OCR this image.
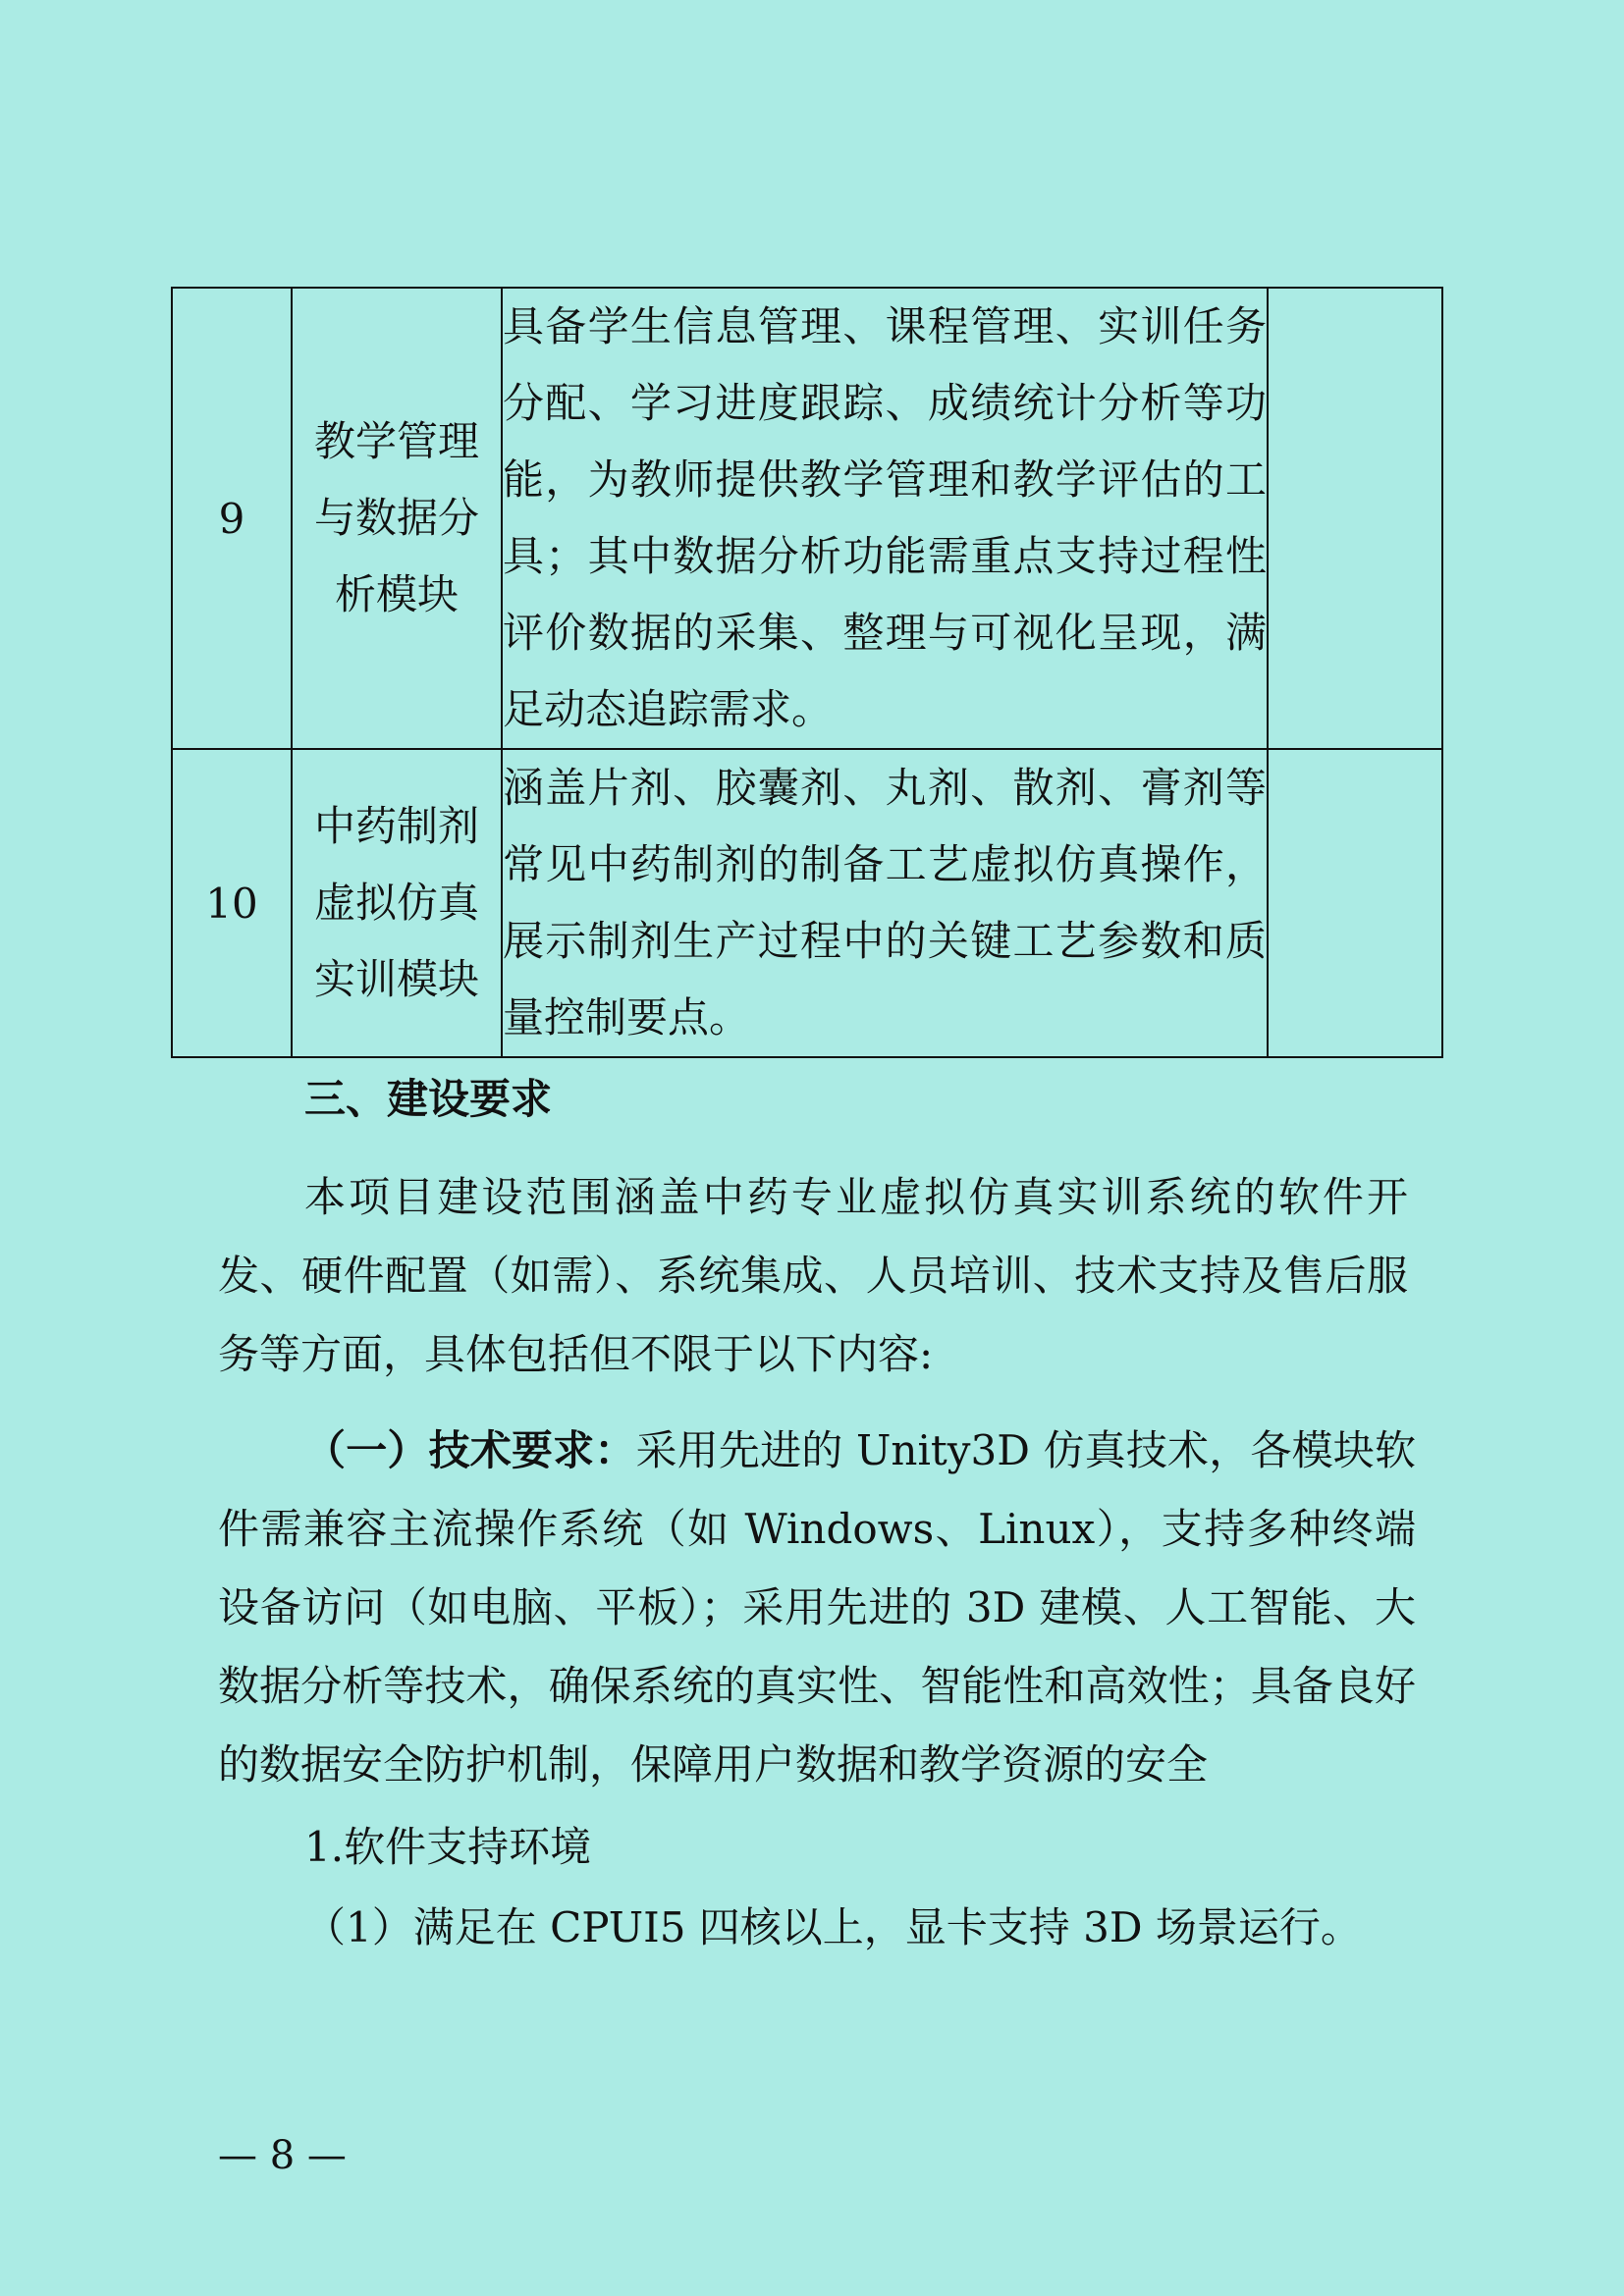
9	教学管理
与数据分
析模块	具备学生信息管理、课程管理、实训任务分配、学习进度跟踪、成绩统计分析等功能，为教师提供教学管理和教学评估的工具；其中数据分析功能需重点支持过程性评价数据的采集、整理与可视化呈现，满足动态追踪需求。	
10	中药制剂
虚拟仿真
实训模块	涵盖片剂、胶囊剂、丸剂、散剂、膏剂等常见中药制剂的制备工艺虚拟仿真操作，展示制剂生产过程中的关键工艺参数和质量控制要点。	
三、建设要求

本项目建设范围涵盖中药专业虚拟仿真实训系统的软件开发、硬件配置（如需）、系统集成、人员培训、技术支持及售后服务等方面，具体包括但不限于以下内容:

（一）技术要求：采用先进的 Unity3D 仿真技术，各模块软件需兼容主流操作系统（如 Windows、Linux），支持多种终端设备访问（如电脑、平板）；采用先进的 3D 建模、人工智能、大数据分析等技术，确保系统的真实性、智能性和高效性；具备良好的数据安全防护机制，保障用户数据和教学资源的安全

1.软件支持环境
（1）满足在 CPUI5 四核以上，显卡支持 3D 场景运行。
— 8 —
